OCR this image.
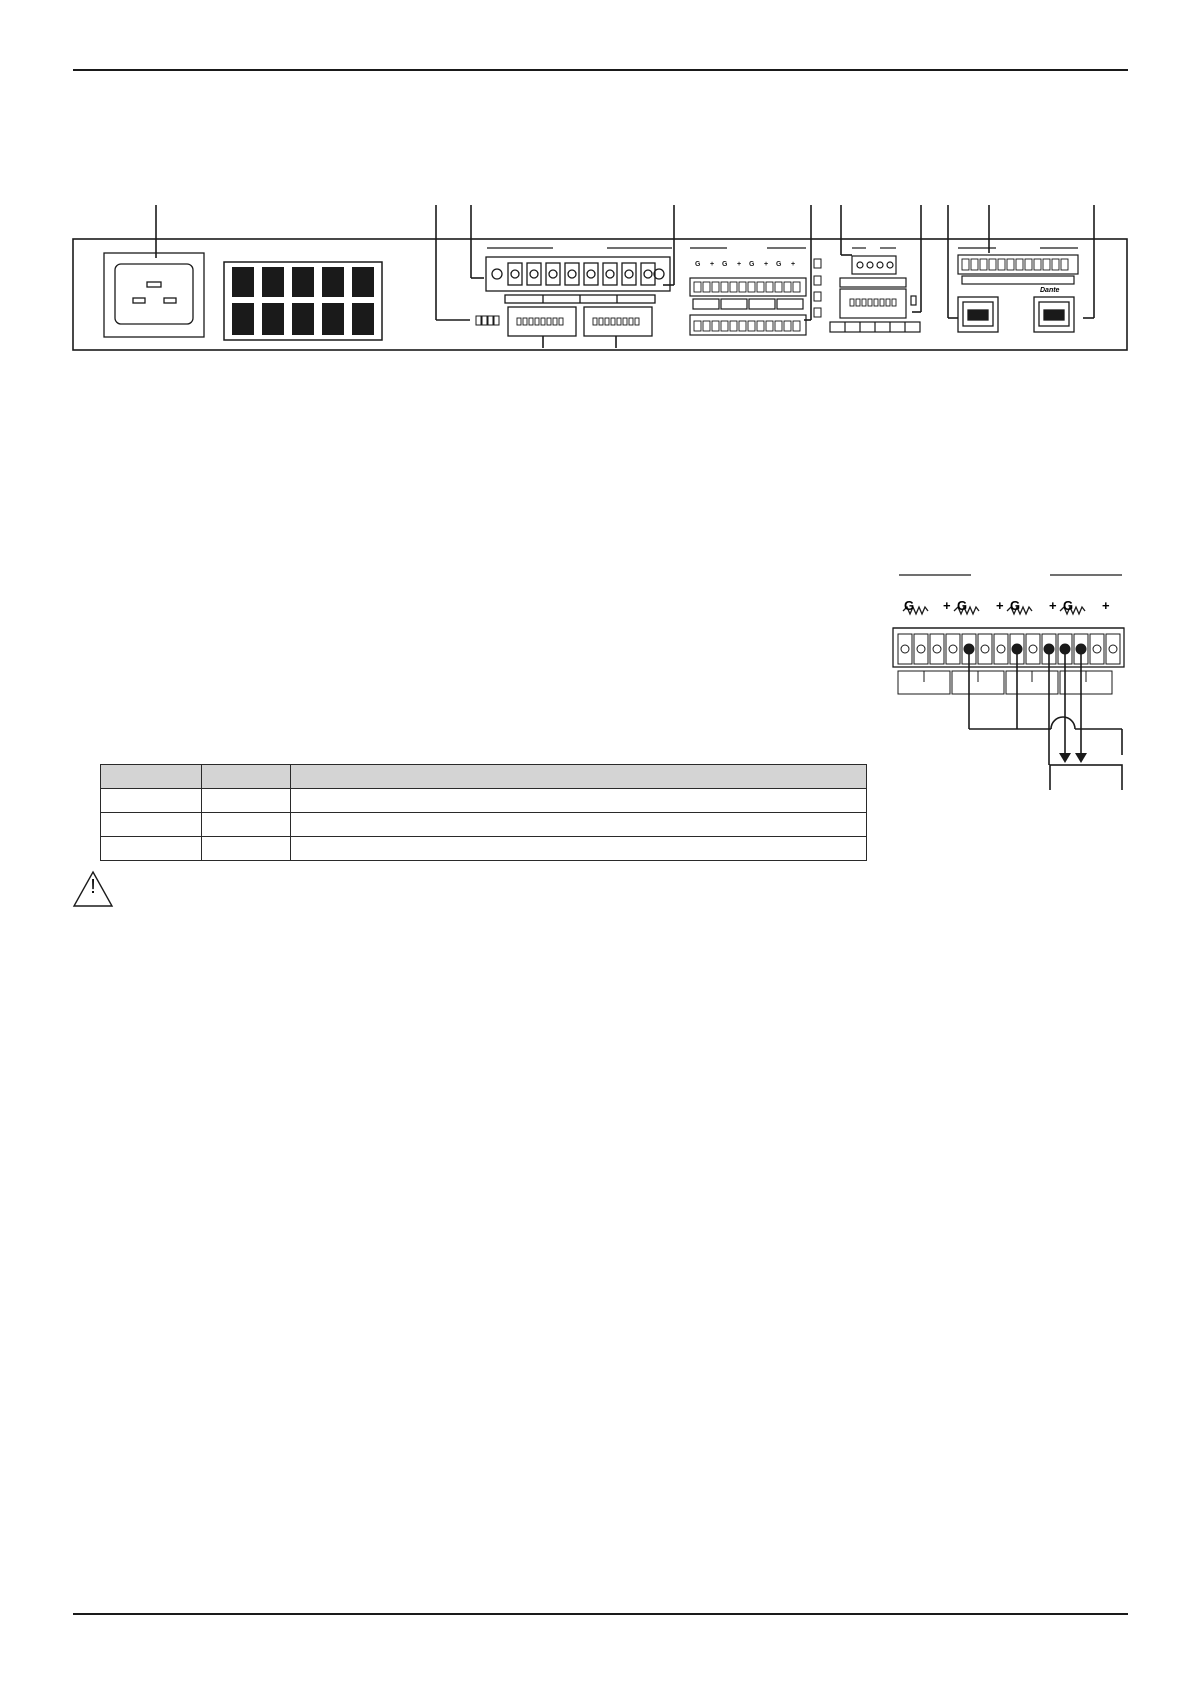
G + G + G + G +
Dante
G + G + G + G +

!
